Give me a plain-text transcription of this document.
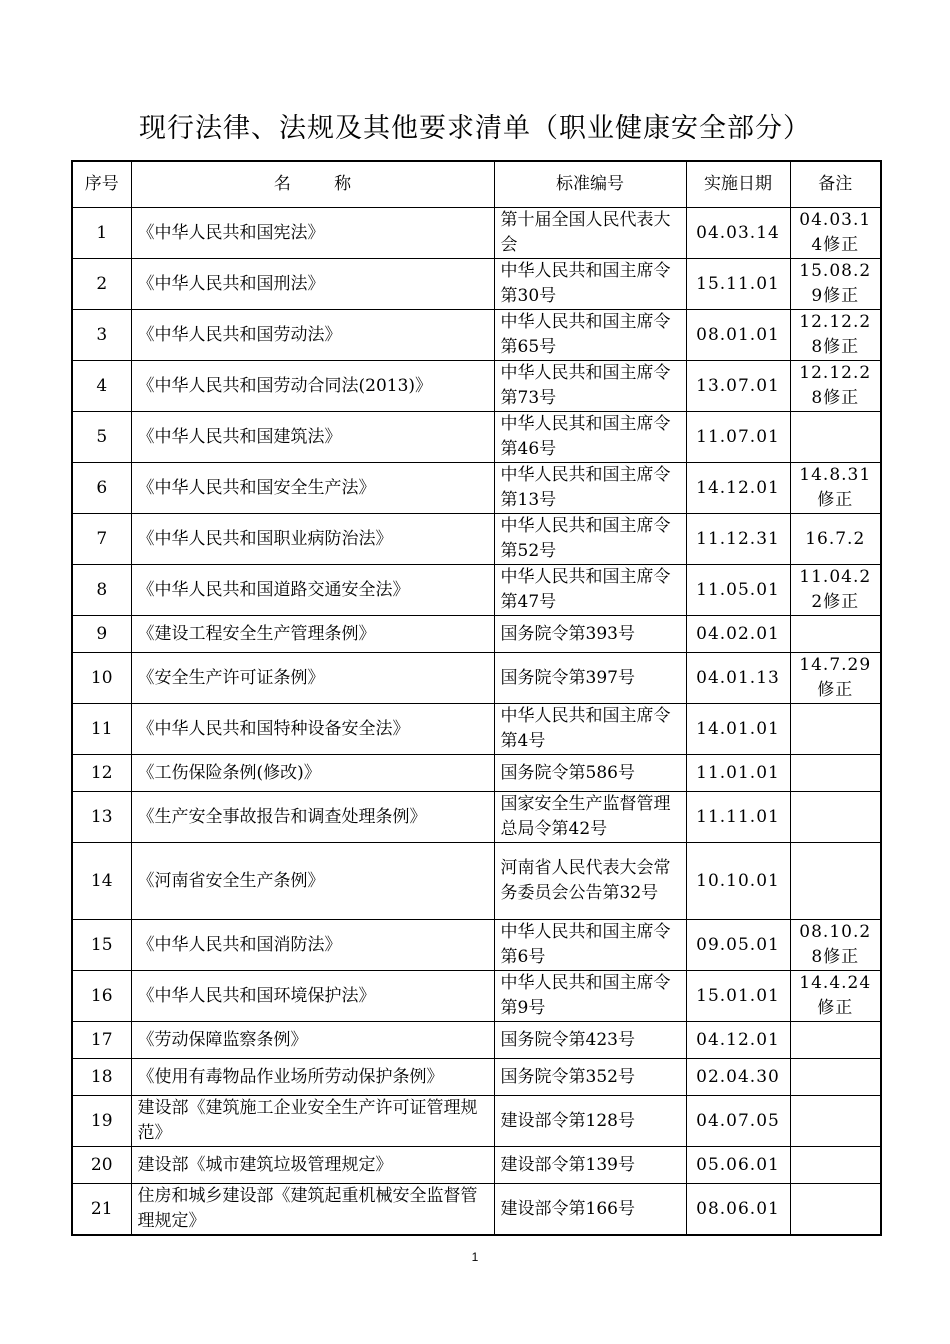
现行法律、法规及其他要求清单（职业健康安全部分）
序号	名        称	标准编号	实施日期	备注
1	《中华人民共和国宪法》	第十届全国人民代表大会	04.03.14	04.03.14修正
2	《中华人民共和国刑法》	中华人民共和国主席令第30号	15.11.01	15.08.29修正
3	《中华人民共和国劳动法》	中华人民共和国主席令第65号	08.01.01	12.12.28修正
4	《中华人民共和国劳动合同法(2013)》	中华人民共和国主席令第73号	13.07.01	12.12.28修正
5	《中华人民共和国建筑法》	中华人民其和国主席令第46号	11.07.01	
6	《中华人民共和国安全生产法》	中华人民共和国主席令第13号	14.12.01	14.8.31修正
7	《中华人民共和国职业病防治法》	中华人民共和国主席令第52号	11.12.31	16.7.2
8	《中华人民共和国道路交通安全法》	中华人民共和国主席令第47号	11.05.01	11.04.22修正
9	《建设工程安全生产管理条例》	国务院令第393号	04.02.01	
10	《安全生产许可证条例》	国务院令第397号	04.01.13	14.7.29修正
11	《中华人民共和国特种设备安全法》	中华人民共和国主席令第4号	14.01.01	
12	《工伤保险条例(修改)》	国务院令第586号	11.01.01	
13	《生产安全事故报告和调查处理条例》	国家安全生产监督管理总局令第42号	11.11.01	
14	《河南省安全生产条例》	河南省人民代表大会常务委员会公告第32号	10.10.01	
15	《中华人民共和国消防法》	中华人民共和国主席令第6号	09.05.01	08.10.28修正
16	《中华人民共和国环境保护法》	中华人民共和国主席令第9号	15.01.01	14.4.24修正
17	《劳动保障监察条例》	国务院令第423号	04.12.01	
18	《使用有毒物品作业场所劳动保护条例》	国务院令第352号	02.04.30	
19	建设部《建筑施工企业安全生产许可证管理规范》	建设部令第128号	04.07.05	
20	建设部《城市建筑垃圾管理规定》	建设部令第139号	05.06.01	
21	住房和城乡建设部《建筑起重机械安全监督管理规定》	建设部令第166号	08.06.01	
1
